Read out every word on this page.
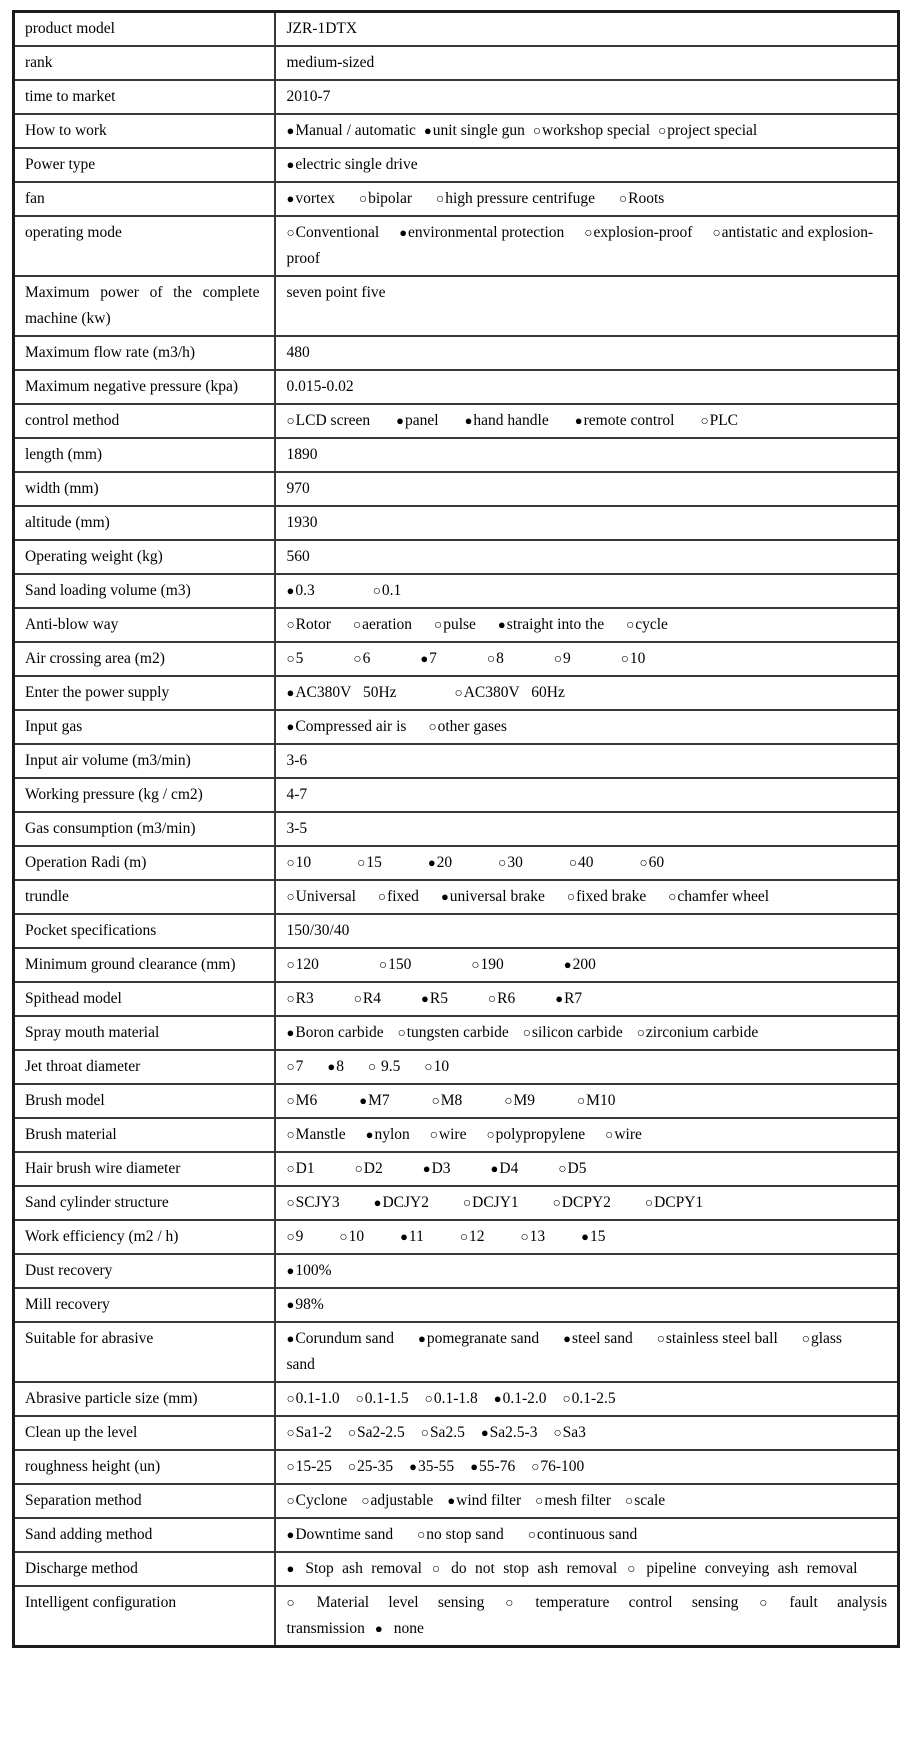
product model	JZR-1DTX
rank	medium-sized
time to market	2010-7
How to work	●Manual / automatic ●unit single gun ○workshop special ○project special
Power type	●electric single drive
fan	●vortex ○bipolar ○high pressure centrifuge ○Roots
operating mode	○Conventional ●environmental protection ○explosion-proof ○antistatic and explosion-proof
Maximum power of the complete machine (kw)	seven point five
Maximum flow rate (m3/h)	480
Maximum negative pressure (kpa)	0.015-0.02
control method	○LCD screen ●panel ●hand handle ●remote control ○PLC
length (mm)	1890
width (mm)	970
altitude (mm)	1930
Operating weight (kg)	560
Sand loading volume (m3)	●0.3 ○0.1
Anti-blow way	○Rotor ○aeration ○pulse ●straight into the ○cycle
Air crossing area (m2)	○5 ○6 ●7 ○8 ○9 ○10
Enter the power supply	●AC380V   50Hz ○AC380V   60Hz
Input gas	●Compressed air is ○other gases
Input air volume (m3/min)	3-6
Working pressure (kg / cm2)	4-7
Gas consumption (m3/min)	3-5
Operation Radi (m)	○10 ○15 ●20 ○30 ○40 ○60
trundle	○Universal ○fixed ●universal brake ○fixed brake ○chamfer wheel
Pocket specifications	150/30/40
Minimum ground clearance (mm)	○120 ○150 ○190 ●200
Spithead model	○R3 ○R4 ●R5 ○R6 ●R7
Spray mouth material	●Boron carbide ○tungsten carbide ○silicon carbide ○zirconium carbide
Jet throat diameter	○7 ●8 ○ 9.5 ○10
Brush model	○M6 ●M7 ○M8 ○M9 ○M10
Brush material	○Manstle ●nylon ○wire ○polypropylene ○wire
Hair brush wire diameter	○D1 ○D2 ●D3 ●D4 ○D5
Sand cylinder structure	○SCJY3 ●DCJY2 ○DCJY1 ○DCPY2 ○DCPY1
Work efficiency (m2 / h)	○9 ○10 ●11 ○12 ○13 ●15
Dust recovery	●100%
Mill recovery	●98%
Suitable for abrasive	●Corundum sand ●pomegranate sand ●steel sand ○stainless steel ball ○glass sand
Abrasive particle size (mm)	○0.1-1.0 ○0.1-1.5 ○0.1-1.8 ●0.1-2.0 ○0.1-2.5
Clean up the level	○Sa1-2 ○Sa2-2.5 ○Sa2.5 ●Sa2.5-3 ○Sa3
roughness height (un)	○15-25 ○25-35 ●35-55 ●55-76 ○76-100
Separation method	○Cyclone ○adjustable ●wind filter ○mesh filter ○scale
Sand adding method	●Downtime sand ○no stop sand ○continuous sand
Discharge method	● Stop ash removal ○ do not stop ash removal ○ pipeline conveying ash removal
Intelligent configuration	○ Material level sensing ○ temperature control sensing ○ fault analysis transmission ● none
